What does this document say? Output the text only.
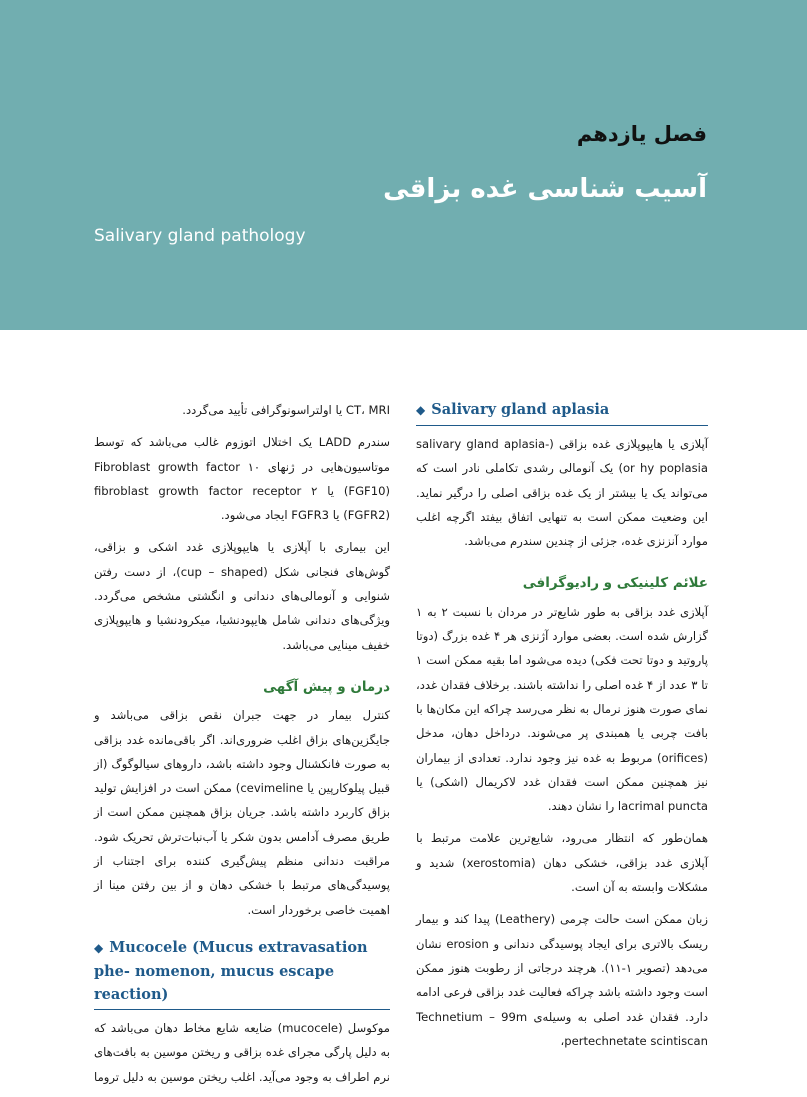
فصل یازدهم
آسیب شناسی غده بزاقی
Salivary gland pathology
◆ Salivary gland aplasia

آپلازی یا هایپوپلازی غده بزاقی (-salivary gland aplasia or hy poplasia) یک آنومالی رشدی تکاملی نادر است که می‌تواند یک یا بیشتر از یک غده بزاقی اصلی را درگیر نماید. این وضعیت ممکن است به تنهایی اتفاق بیفتد اگرچه اغلب موارد آنزنزی غده، جزئی از چندین سندرم می‌باشد.

علائم کلینیکی و رادیوگرافی

آپلازی غدد بزاقی به طور شایع‌تر در مردان با نسبت ۲ به ۱ گزارش شده است. بعضی موارد آژنزی هر ۴ غده بزرگ (دوتا پاروتید و دوتا تحت فکی) دیده می‌شود اما بقیه ممکن است ۱ تا ۳ عدد از ۴ غده اصلی را نداشته باشند. برخلاف فقدان غدد، نمای صورت هنوز نرمال به نظر می‌رسد چراکه این مکان‌ها با بافت چربی یا همبندی پر می‌شوند. درداخل دهان، مدخل (orifices) مربوط به غده نیز وجود ندارد. تعدادی از بیماران نیز همچنین ممکن است فقدان غدد لاکریمال (اشکی) یا lacrimal puncta را نشان دهند.

همان‌طور که انتظار می‌رود، شایع‌ترین علامت مرتبط با آپلازی غدد بزاقی، خشکی دهان (xerostomia) شدید و مشکلات وابسته به آن است.

زبان ممکن است حالت چرمی (Leathery) پیدا کند و بیمار ریسک بالاتری برای ایجاد پوسیدگی دندانی و erosion نشان می‌دهد (تصویر ۱-۱۱). هرچند درجاتی از رطوبت هنوز ممکن است وجود داشته باشد چراکه فعالیت غدد بزاقی فرعی ادامه دارد. فقدان غدد اصلی به وسیله‌ی Technetium – 99m pertechnetate scintiscan،

CT، MRI یا اولتراسونوگرافی تأیید می‌گردد.

سندرم LADD یک اختلال اتوزوم غالب می‌باشد که توسط موتاسیون‌هایی در ژنهای ۱۰ Fibroblast growth factor (FGF10) یا ۲ fibroblast growth factor receptor (FGFR2) یا FGFR3 ایجاد می‌شود.

این بیماری با آپلازی یا هایپوپلازی غدد اشکی و بزاقی، گوش‌های فنجانی شکل (cup – shaped)، از دست رفتن شنوایی و آنومالی‌های دندانی و انگشتی مشخص می‌گردد. ویژگی‌های دندانی شامل هایپودنشیا، میکرودنشیا و هایپوپلازی خفیف مینایی می‌باشد.

درمان و پیش آگهی

کنترل بیمار در جهت جبران نقص بزاقی می‌باشد و جایگزین‌های بزاق اغلب ضروری‌اند. اگر باقی‌مانده غدد بزاقی به صورت فانکشنال وجود داشته باشد، داروهای سیالوگوگ (از قبیل پیلوکارپین یا cevimeline) ممکن است در افزایش تولید بزاق کاربرد داشته باشد. جریان بزاق همچنین ممکن است از طریق مصرف آدامس بدون شکر یا آب‌نبات‌ترش تحریک شود. مراقبت دندانی منظم پیش‌گیری کننده برای اجتناب از پوسیدگی‌های مرتبط با خشکی دهان و از بین رفتن مینا از اهمیت خاصی برخوردار است.

◆ Mucocele (Mucus extravasation phe- nomenon, mucus escape reaction)

موکوسل (mucocele) ضایعه شایع مخاط دهان می‌باشد که به دلیل پارگی مجرای غده بزاقی و ریختن موسین به بافت‌های نرم اطراف به وجود می‌آید. اغلب ریختن موسین به دلیل تروما
